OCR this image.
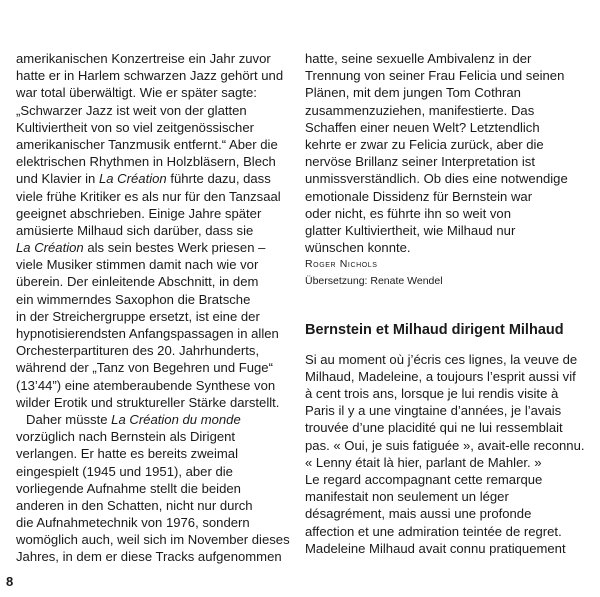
amerikanischen Konzertreise ein Jahr zuvor
hatte er in Harlem schwarzen Jazz gehört und
war total überwältigt. Wie er später sagte:
„Schwarzer Jazz ist weit von der glatten
Kultiviertheit von so viel zeitgenössischer
amerikanischer Tanzmusik entfernt.“ Aber die
elektrischen Rhythmen in Holzbläsern, Blech
und Klavier in La Création führte dazu, dass
viele frühe Kritiker es als nur für den Tanzsaal
geeignet abschrieben. Einige Jahre später
amüsierte Milhaud sich darüber, dass sie
La Création als sein bestes Werk priesen –
viele Musiker stimmen damit nach wie vor
überein. Der einleitende Abschnitt, in dem
ein wimmerndes Saxophon die Bratsche
in der Streichergruppe ersetzt, ist eine der
hypnotisierendsten Anfangspassagen in allen
Orchesterpartituren des 20. Jahrhunderts,
während der „Tanz von Begehren und Fuge“
(13’44”) eine atemberaubende Synthese von
wilder Erotik und struktureller Stärke darstellt.
Daher müsste La Création du monde
vorzüglich nach Bernstein als Dirigent
verlangen. Er hatte es bereits zweimal
eingespielt (1945 und 1951), aber die
vorliegende Aufnahme stellt die beiden
anderen in den Schatten, nicht nur durch
die Aufnahmetechnik von 1976, sondern
womöglich auch, weil sich im November dieses
Jahres, in dem er diese Tracks aufgenommen
hatte, seine sexuelle Ambivalenz in der
Trennung von seiner Frau Felicia und seinen
Plänen, mit dem jungen Tom Cothran
zusammenzuziehen, manifestierte. Das
Schaffen einer neuen Welt? Letztendlich
kehrte er zwar zu Felicia zurück, aber die
nervöse Brillanz seiner Interpretation ist
unmissverständlich. Ob dies eine notwendige
emotionale Dissidenz für Bernstein war
oder nicht, es führte ihn so weit von
glatter Kultiviertheit, wie Milhaud nur
wünschen konnte.
Roger Nichols
Übersetzung: Renate Wendel
Bernstein et Milhaud dirigent Milhaud
Si au moment où j’écris ces lignes, la veuve de
Milhaud, Madeleine, a toujours l’esprit aussi vif
à cent trois ans, lorsque je lui rendis visite à
Paris il y a une vingtaine d’années, je l’avais
trouvée d’une placidité qui ne lui ressemblait
pas. « Oui, je suis fatiguée », avait-elle reconnu.
« Lenny était là hier, parlant de Mahler. »
Le regard accompagnant cette remarque
manifestait non seulement un léger
désagrément, mais aussi une profonde
affection et une admiration teintée de regret.
Madeleine Milhaud avait connu pratiquement
8
